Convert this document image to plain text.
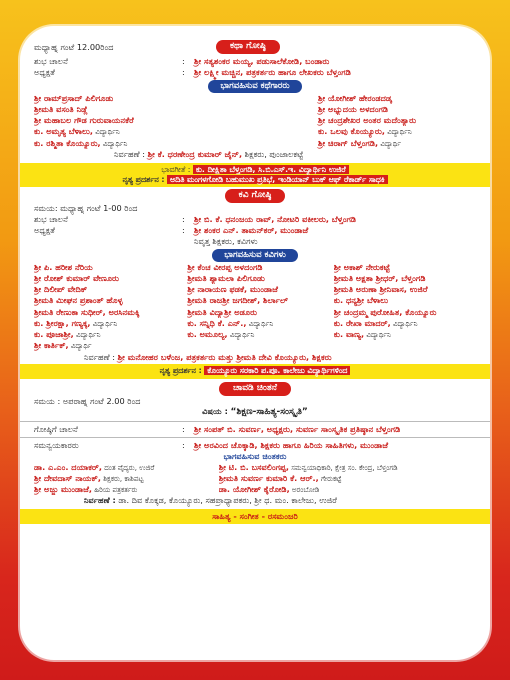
ಮಧ್ಯಾಹ್ನ ಗಂಟೆ 12.00ರಿಂದ	ಕಥಾ ಗೋಷ್ಠಿ
ಶುಭ ಚಾಲನೆ	:	ಶ್ರೀ ಸತ್ಯಶಂಕರ ಮಯ್ಯ, ಪಡುಸಾಲೆಕೋಡಿ, ಬಂಡಾರು
ಅಧ್ಯಕ್ಷತೆ	:	ಶ್ರೀ ಲಕ್ಷ್ಮೀ ಮಚ್ಚಿನ, ಪತ್ರಕರ್ತರು ಹಾಗೂ ಲೇಖಕರು ಬೆಳ್ತಂಗಡಿ
ಭಾಗವಹಿಸುವ ಕಥೆಗಾರರು
ಶ್ರೀ ರಾಮ್‌ಪ್ರಸಾದ್ ಪಿಲಿಗೂಡು	ಶ್ರೀ ಯೋಗೀಶ್ ಹೇರಂಡದಡ್ಕ
ಶ್ರೀಮತಿ ವಸಂತಿ ನಿಡ್ಲೆ	ಶ್ರೀ ಅಭ್ಯುದಯ ಅಳದಂಗಡಿ
ಶ್ರೀ ಮಹಾಬಲ ಗೌಡ ಗುರುವಾಯನಕೆರೆ	ಶ್ರೀ ಚಂದ್ರಶೇಖರ ಅಂತರ ಮದೆಂತ್ಯಾರು
ಕು. ಅಮೃತ್ಯ ಬೆಳಾಲು, ವಿದ್ಯಾರ್ಥಿನಿ	ಕು. ಒಲವು ಕೊಯ್ಯೂರು, ವಿದ್ಯಾರ್ಥಿನಿ
ಕು. ರಶ್ಮಿತಾ ಕೊಯ್ಯೂರು, ವಿದ್ಯಾರ್ಥಿನಿ	ಶ್ರೀ ಚಿರಾಗ್ ಬೆಳ್ತಂಗಡಿ, ವಿದ್ಯಾರ್ಥಿ
ನಿರ್ವಹಣೆ : ಶ್ರೀ ಕೆ. ಧರಣೇಂದ್ರ ಕುಮಾರ್ ಜೈನ್, ಶಿಕ್ಷಕರು, ಪುಂಜಾಲಕಟ್ಟೆ
ಭಾವಗೀತೆ : ಕು. ದೀಕ್ಷಿತಾ ಬೆಳ್ತಂಗಡಿ, ಸಿ.ಬಿ.ಎಸ್.ಇ. ವಿದ್ಯಾರ್ಥಿನಿ ಉಜಿರೆ
ನೃತ್ಯ ಪ್ರದರ್ಶನ : ಅದಿತಿ ಮಂಗಳಗೋಡಿ ಬಹುಮುಖ ಪ್ರತಿಭೆ, ಇಂಡಿಯಾನ್ ಬುಕ್ ಆಫ್ ರೆಕಾರ್ಡ್ ಸಾಧಕಿ
ಕವಿ ಗೋಷ್ಠಿ
ಸಮಯ: ಮಧ್ಯಾಹ್ನ ಗಂಟೆ 1-00 ರಿಂದ
ಶುಭ ಚಾಲನೆ	:	ಶ್ರೀ ಬಿ. ಕೆ. ಧನಂಜಯ ರಾವ್, ನೋಟರಿ ವಕೀಲರು, ಬೆಳ್ತಂಗಡಿ
ಅಧ್ಯಕ್ಷತೆ	:	ಶ್ರೀ ಶಂಕರ ಎನ್. ತಾಮನ್‌ಕರ್, ಮುಂಡಾಜೆ
ನಿವೃತ್ತ ಶಿಕ್ಷಕರು, ಕವಿಗಳು
ಭಾಗವಹಿಸುವ ಕವಿಗಳು
ಶ್ರೀ ಪಿ. ಹರೀಶ ನೆರಿಯ	ಶ್ರೀ ಕೆಂಚ ವೀರಪ್ಪ ಅಳದಂಗಡಿ	ಶ್ರೀ ಅಕಾಶ್ ನೇರುಕಟ್ಟೆ
ಶ್ರೀ ರೋಶ್ ಕುಮಾರ್ ವೇಣೂರು	ಶ್ರೀಮತಿ ಶ್ಯಾಮಲಾ ಪಿಲಿಗೂಡು	ಶ್ರೀಮತಿ ಅಕ್ಷತಾ ಶ್ರೀಧರ್, ಬೆಳ್ತಂಗಡಿ
ಶ್ರೀ ದಿಲೀಪ್ ವೇದಿಕ್	ಶ್ರೀ ನಾರಾಯಣ ಫಡಕೆ, ಮುಂಡಾಜೆ	ಶ್ರೀಮತಿ ಅರುಣಾ ಶ್ರೀನಿವಾಸ, ಉಜಿರೆ
ಶ್ರೀಮತಿ ಮೀಘನ ಪ್ರಶಾಂತ್ ಹೊಳ್ಳ	ಶ್ರೀಮತಿ ರಾಜಶ್ರೀ ಜಗದೀಶ್, ಶಿರ್ಲಾಲ್	ಕು. ಧನ್ಯಶ್ರೀ ಬೆಳಾಲು
ಶ್ರೀಮತಿ ರೇಣುಕಾ ಸುಧೀರ್, ಅರಸಿನಮಕ್ಕಿ	ಶ್ರೀಮತಿ ವಿದ್ಯಾಶ್ರೀ ಅಡೂರು	ಶ್ರೀ ಚಂದ್ರಮ್ಮ ಪುರೋಹಿತ, ಕೊಯ್ಯೂರು
ಕು. ಶ್ರೀರಕ್ಷಾ, ಗಣ್ಯಕ್ಕ, ವಿದ್ಯಾರ್ಥಿನಿ	ಕು. ಸನ್ನಿಧಿ ಕೆ. ಎನ್., ವಿದ್ಯಾರ್ಥಿನಿ	ಕು. ರೇಖಾ ಮಾದರ್, ವಿದ್ಯಾರ್ಥಿನಿ
ಕು. ಪೂಜಾಶ್ರೀ, ವಿದ್ಯಾರ್ಥಿನಿ	ಕು. ಅಮೂಲ್ಯ, ವಿದ್ಯಾರ್ಥಿನಿ	ಕು. ವಾಣ್ಯ, ವಿದ್ಯಾರ್ಥಿನಿ
ಶ್ರೀ ಕಾರ್ತಿಕ್, ವಿದ್ಯಾರ್ಥಿ
ನಿರ್ವಹಣೆ : ಶ್ರೀ ಮನೋಹರ ಬಳೆಂಜ, ಪತ್ರಕರ್ತರು ಮತ್ತು ಶ್ರೀಮತಿ ದೇವಿ ಕೊಯ್ಯೂರು, ಶಿಕ್ಷಕರು
ನೃತ್ಯ ಪ್ರದರ್ಶನ : ಕೊಯ್ಯೂರು ಸರಕಾರಿ ಪ.ಪೂ. ಕಾಲೇಜು ವಿದ್ಯಾರ್ಥಿಗಳಿಂದ
ಚಾವಡಿ ಚಿಂತನೆ
ಸಮಯ : ಅಪರಾಹ್ನ ಗಂಟೆ 2.00 ರಿಂದ
ವಿಷಯ : “ಶಿಕ್ಷಣ-ಸಾಹಿತ್ಯ-ಸಂಸ್ಕೃತಿ”
ಗೋಷ್ಠಿಗೆ ಚಾಲನೆ	:	ಶ್ರೀ ಸಂಪತ್ ಬಿ. ಸುವರ್ಣ, ಅಧ್ಯಕ್ಷರು, ಸುವರ್ಣ ಸಾಂಸ್ಕೃತಿಕ ಪ್ರತಿಷ್ಠಾನ ಬೆಳ್ತಂಗಡಿ
ಸಮನ್ವಯಕಾರರು	:	ಶ್ರೀ ಅರವಿಂದ ಚೊಕ್ಕಾಡಿ, ಶಿಕ್ಷಕರು ಹಾಗೂ ಹಿರಿಯ ಸಾಹಿತಿಗಳು, ಮುಂಡಾಜೆ
ಭಾಗವಹಿಸುವ ಚಿಂತಕರು
ಡಾ. ಎ.ಎಂ. ದಯಾಕರ್, ದಂತ ವೈದ್ಯರು, ಉಜಿರೆ	ಶ್ರೀ ಟಿ. ಬಿ. ಬಸವಲಿಂಗಪ್ಪ, ಸಮನ್ವಯಾಧಿಕಾರಿ, ಕ್ಷೇತ್ರ ಸಂ. ಕೇಂದ್ರ, ಬೆಳ್ತಂಗಡಿ
ಶ್ರೀ ದೇವದಾಸ್ ನಾಯಕ್, ಶಿಕ್ಷಕರು, ಕಾಶಿಪಟ್ಟ	ಶ್ರೀಮತಿ ಸುವರ್ಣ ಕುಮಾರಿ ಕೆ. ಆರ್., ಗೇರುಕಟ್ಟೆ
ಶ್ರೀ ಅಜ್ಜು ಮುಂಡಾಜೆ, ಹಿರಿಯ ಪತ್ರಕರ್ತರು	ಡಾ. ಯೋಗೀಶ್ ಕೈರೋಡಿ, ಅರಂಬೋಡಿ
ನಿರ್ವಹಣೆ : ಡಾ. ದಿವ ಕೊಕ್ಕಡ, ಕೊಯ್ಯೂರು, ಸಹಪ್ರಾಧ್ಯಾಪಕರು, ಶ್ರೀ ಧ. ಮಂ. ಕಾಲೇಜು, ಉಜಿರೆ
ಸಾಹಿತ್ಯ - ಸಂಗೀತ - ರಸಮಂಜರಿ
